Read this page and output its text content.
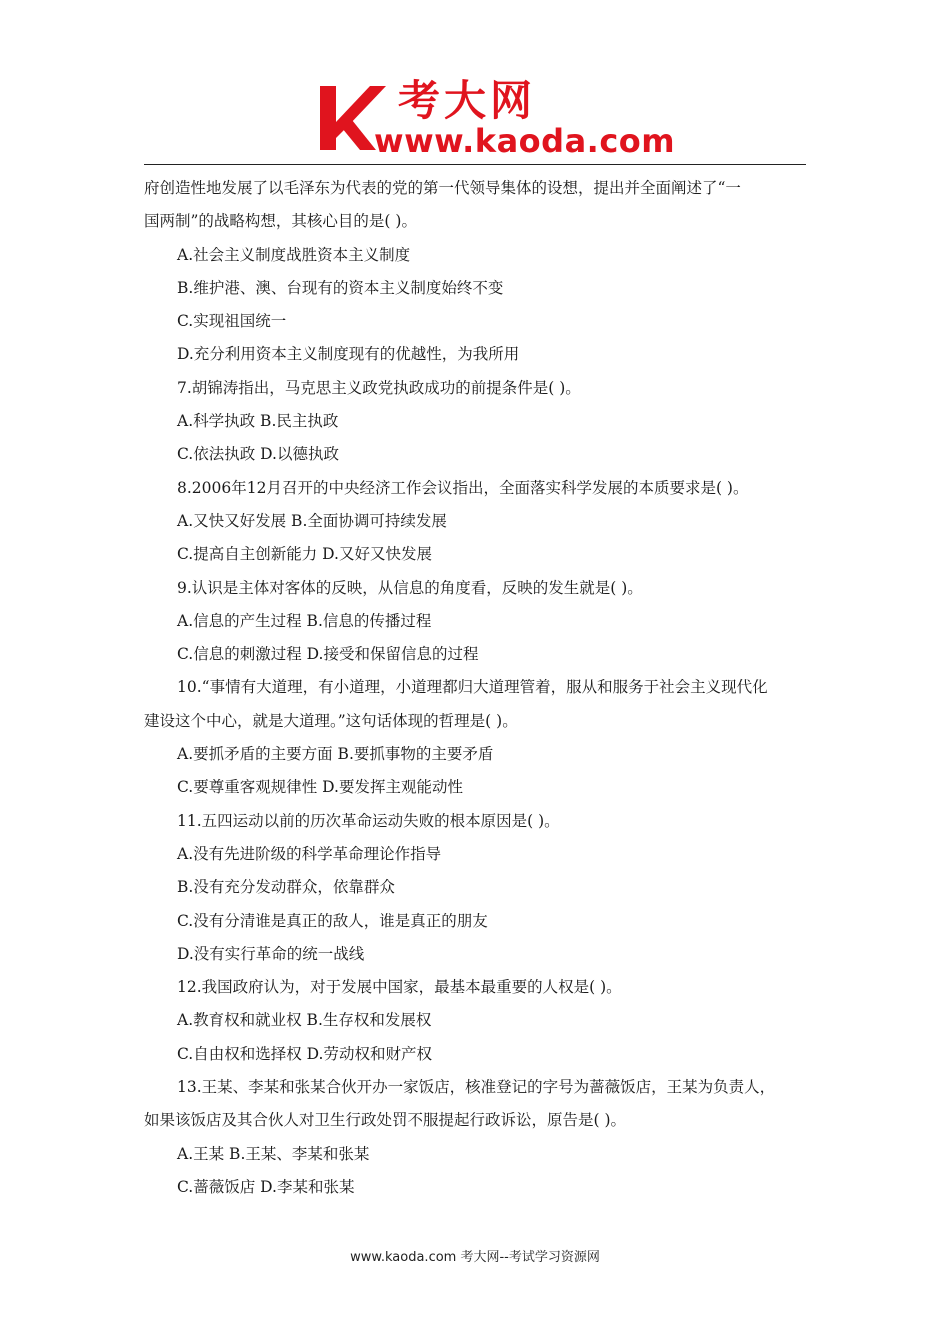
考大网
www.kaoda.com
府创造性地发展了以毛泽东为代表的党的第一代领导集体的设想，提出并全面阐述了“一
国两制”的战略构想，其核心目的是( )。
A.社会主义制度战胜资本主义制度
B.维护港、澳、台现有的资本主义制度始终不变
C.实现祖国统一
D.充分利用资本主义制度现有的优越性，为我所用
7.胡锦涛指出，马克思主义政党执政成功的前提条件是( )。
A.科学执政 B.民主执政
C.依法执政 D.以德执政
8.2006年12月召开的中央经济工作会议指出，全面落实科学发展的本质要求是( )。
A.又快又好发展 B.全面协调可持续发展
C.提高自主创新能力 D.又好又快发展
9.认识是主体对客体的反映，从信息的角度看，反映的发生就是( )。
A.信息的产生过程 B.信息的传播过程
C.信息的刺激过程 D.接受和保留信息的过程
10.“事情有大道理，有小道理，小道理都归大道理管着，服从和服务于社会主义现代化
建设这个中心，就是大道理。”这句话体现的哲理是( )。
A.要抓矛盾的主要方面 B.要抓事物的主要矛盾
C.要尊重客观规律性 D.要发挥主观能动性
11.五四运动以前的历次革命运动失败的根本原因是( )。
A.没有先进阶级的科学革命理论作指导
B.没有充分发动群众，依靠群众
C.没有分清谁是真正的敌人，谁是真正的朋友
D.没有实行革命的统一战线
12.我国政府认为，对于发展中国家，最基本最重要的人权是( )。
A.教育权和就业权 B.生存权和发展权
C.自由权和选择权 D.劳动权和财产权
13.王某、李某和张某合伙开办一家饭店，核准登记的字号为蔷薇饭店，王某为负责人，
如果该饭店及其合伙人对卫生行政处罚不服提起行政诉讼，原告是( )。
A.王某 B.王某、李某和张某
C.蔷薇饭店 D.李某和张某
www.kaoda.com 考大网--考试学习资源网
